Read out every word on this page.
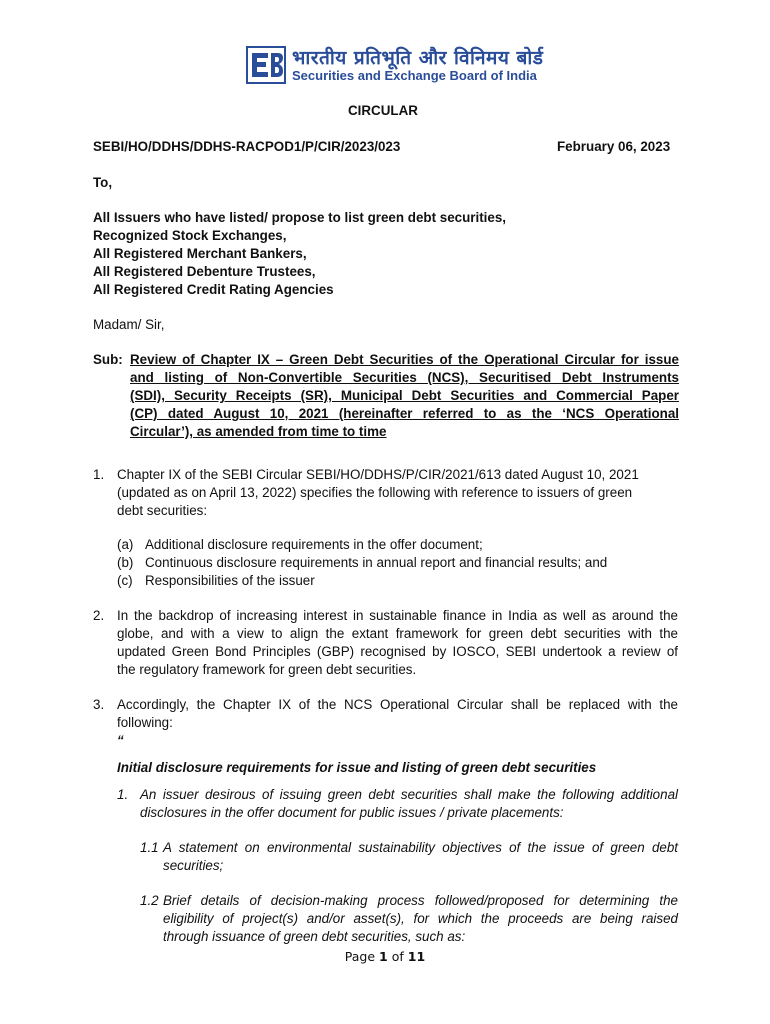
भारतीय प्रतिभूति और विनिमय बोर्ड
Securities and Exchange Board of India
CIRCULAR
SEBI/HO/DDHS/DDHS-RACPOD1/P/CIR/2023/023	February 06, 2023
To,
All Issuers who have listed/ propose to list green debt securities,
Recognized Stock Exchanges,
All Registered Merchant Bankers,
All Registered Debenture Trustees,
All Registered Credit Rating Agencies
Madam/ Sir,
Sub: Review of Chapter IX – Green Debt Securities of the Operational Circular for issue
and listing of Non-Convertible Securities (NCS), Securitised Debt Instruments
(SDI), Security Receipts (SR), Municipal Debt Securities and Commercial Paper
(CP) dated August 10, 2021 (hereinafter referred to as the ‘NCS Operational
Circular’), as amended from time to time
1. Chapter IX of the SEBI Circular SEBI/HO/DDHS/P/CIR/2021/613 dated August 10, 2021
(updated as on April 13, 2022) specifies the following with reference to issuers of green
debt securities:
(a) Additional disclosure requirements in the offer document;
(b) Continuous disclosure requirements in annual report and financial results; and
(c) Responsibilities of the issuer
2. In the backdrop of increasing interest in sustainable finance in India as well as around the
globe, and with a view to align the extant framework for green debt securities with the
updated Green Bond Principles (GBP) recognised by IOSCO, SEBI undertook a review of
the regulatory framework for green debt securities.
3. Accordingly, the Chapter IX of the NCS Operational Circular shall be replaced with the
following:
“
Initial disclosure requirements for issue and listing of green debt securities
1. An issuer desirous of issuing green debt securities shall make the following additional
disclosures in the offer document for public issues / private placements:
1.1 A statement on environmental sustainability objectives of the issue of green debt
securities;
1.2 Brief details of decision-making process followed/proposed for determining the
eligibility of project(s) and/or asset(s), for which the proceeds are being raised
through issuance of green debt securities, such as:
Page 1 of 11
